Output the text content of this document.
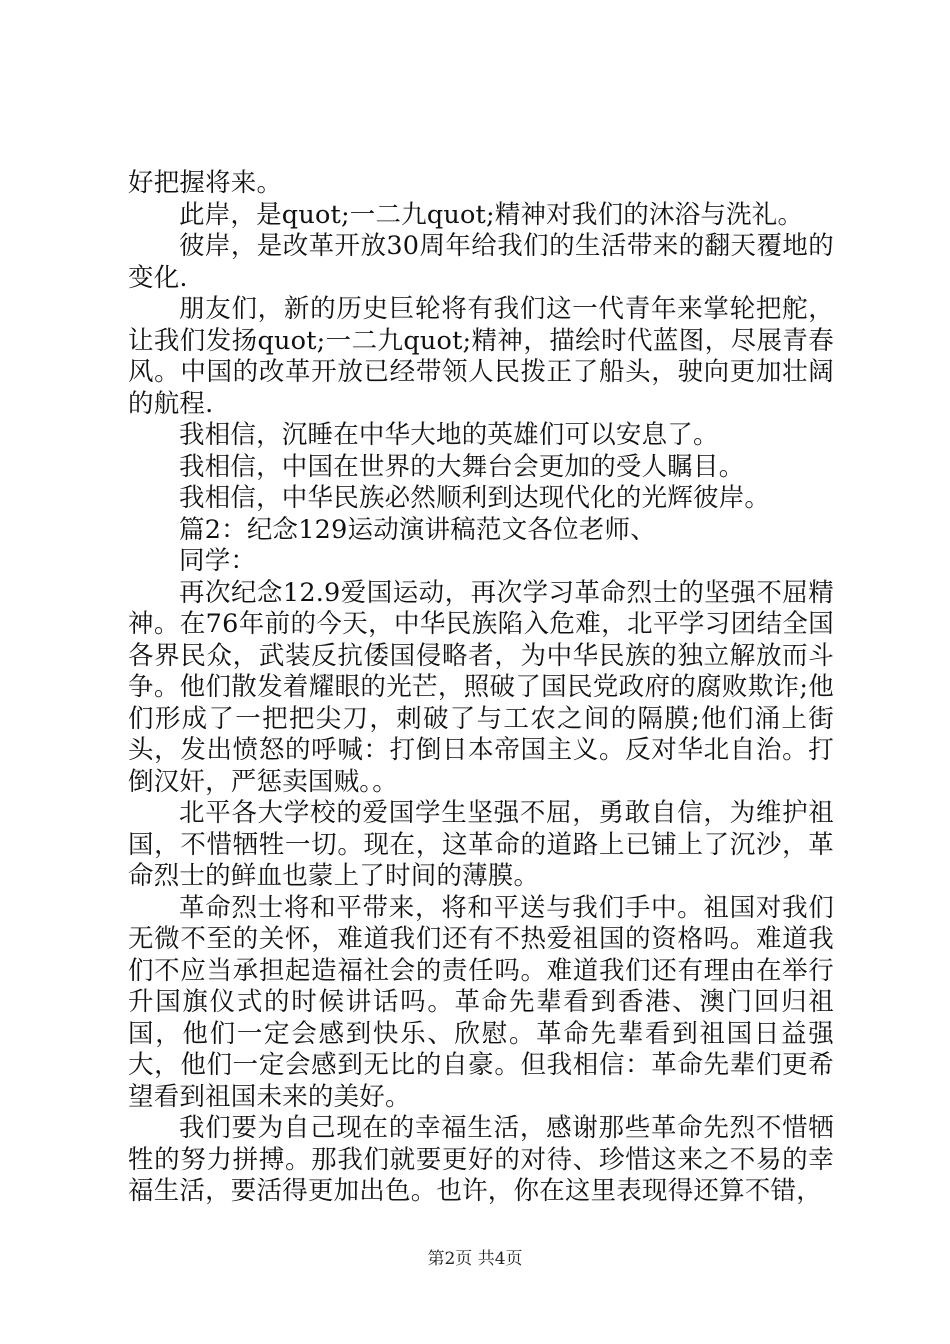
好把握将来。

此岸，是quot;一二九quot;精神对我们的沐浴与洗礼。

彼岸，是改革开放30周年给我们的生活带来的翻天覆地的变化.

朋友们，新的历史巨轮将有我们这一代青年来掌轮把舵，让我们发扬quot;一二九quot;精神，描绘时代蓝图，尽展青春风。中国的改革开放已经带领人民拨正了船头，驶向更加壮阔的航程.

我相信，沉睡在中华大地的英雄们可以安息了。

我相信，中国在世界的大舞台会更加的受人瞩目。

我相信，中华民族必然顺利到达现代化的光辉彼岸。

篇2：纪念129运动演讲稿范文各位老师、

同学：

再次纪念12.9爱国运动，再次学习革命烈士的坚强不屈精神。在76年前的今天，中华民族陷入危难，北平学习团结全国各界民众，武装反抗倭国侵略者，为中华民族的独立解放而斗争。他们散发着耀眼的光芒，照破了国民党政府的腐败欺诈;他们形成了一把把尖刀，刺破了与工农之间的隔膜;他们涌上街头，发出愤怒的呼喊：打倒日本帝国主义。反对华北自治。打倒汉奸，严惩卖国贼。。

北平各大学校的爱国学生坚强不屈，勇敢自信，为维护祖国，不惜牺牲一切。现在，这革命的道路上已铺上了沉沙，革命烈士的鲜血也蒙上了时间的薄膜。

革命烈士将和平带来，将和平送与我们手中。祖国对我们无微不至的关怀，难道我们还有不热爱祖国的资格吗。难道我们不应当承担起造福社会的责任吗。难道我们还有理由在举行升国旗仪式的时候讲话吗。革命先辈看到香港、澳门回归祖国，他们一定会感到快乐、欣慰。革命先辈看到祖国日益强大，他们一定会感到无比的自豪。但我相信：革命先辈们更希望看到祖国未来的美好。

我们要为自己现在的幸福生活，感谢那些革命先烈不惜牺牲的努力拼搏。那我们就要更好的对待、珍惜这来之不易的幸福生活，要活得更加出色。也许，你在这里表现得还算不错，

第2页 共4页
